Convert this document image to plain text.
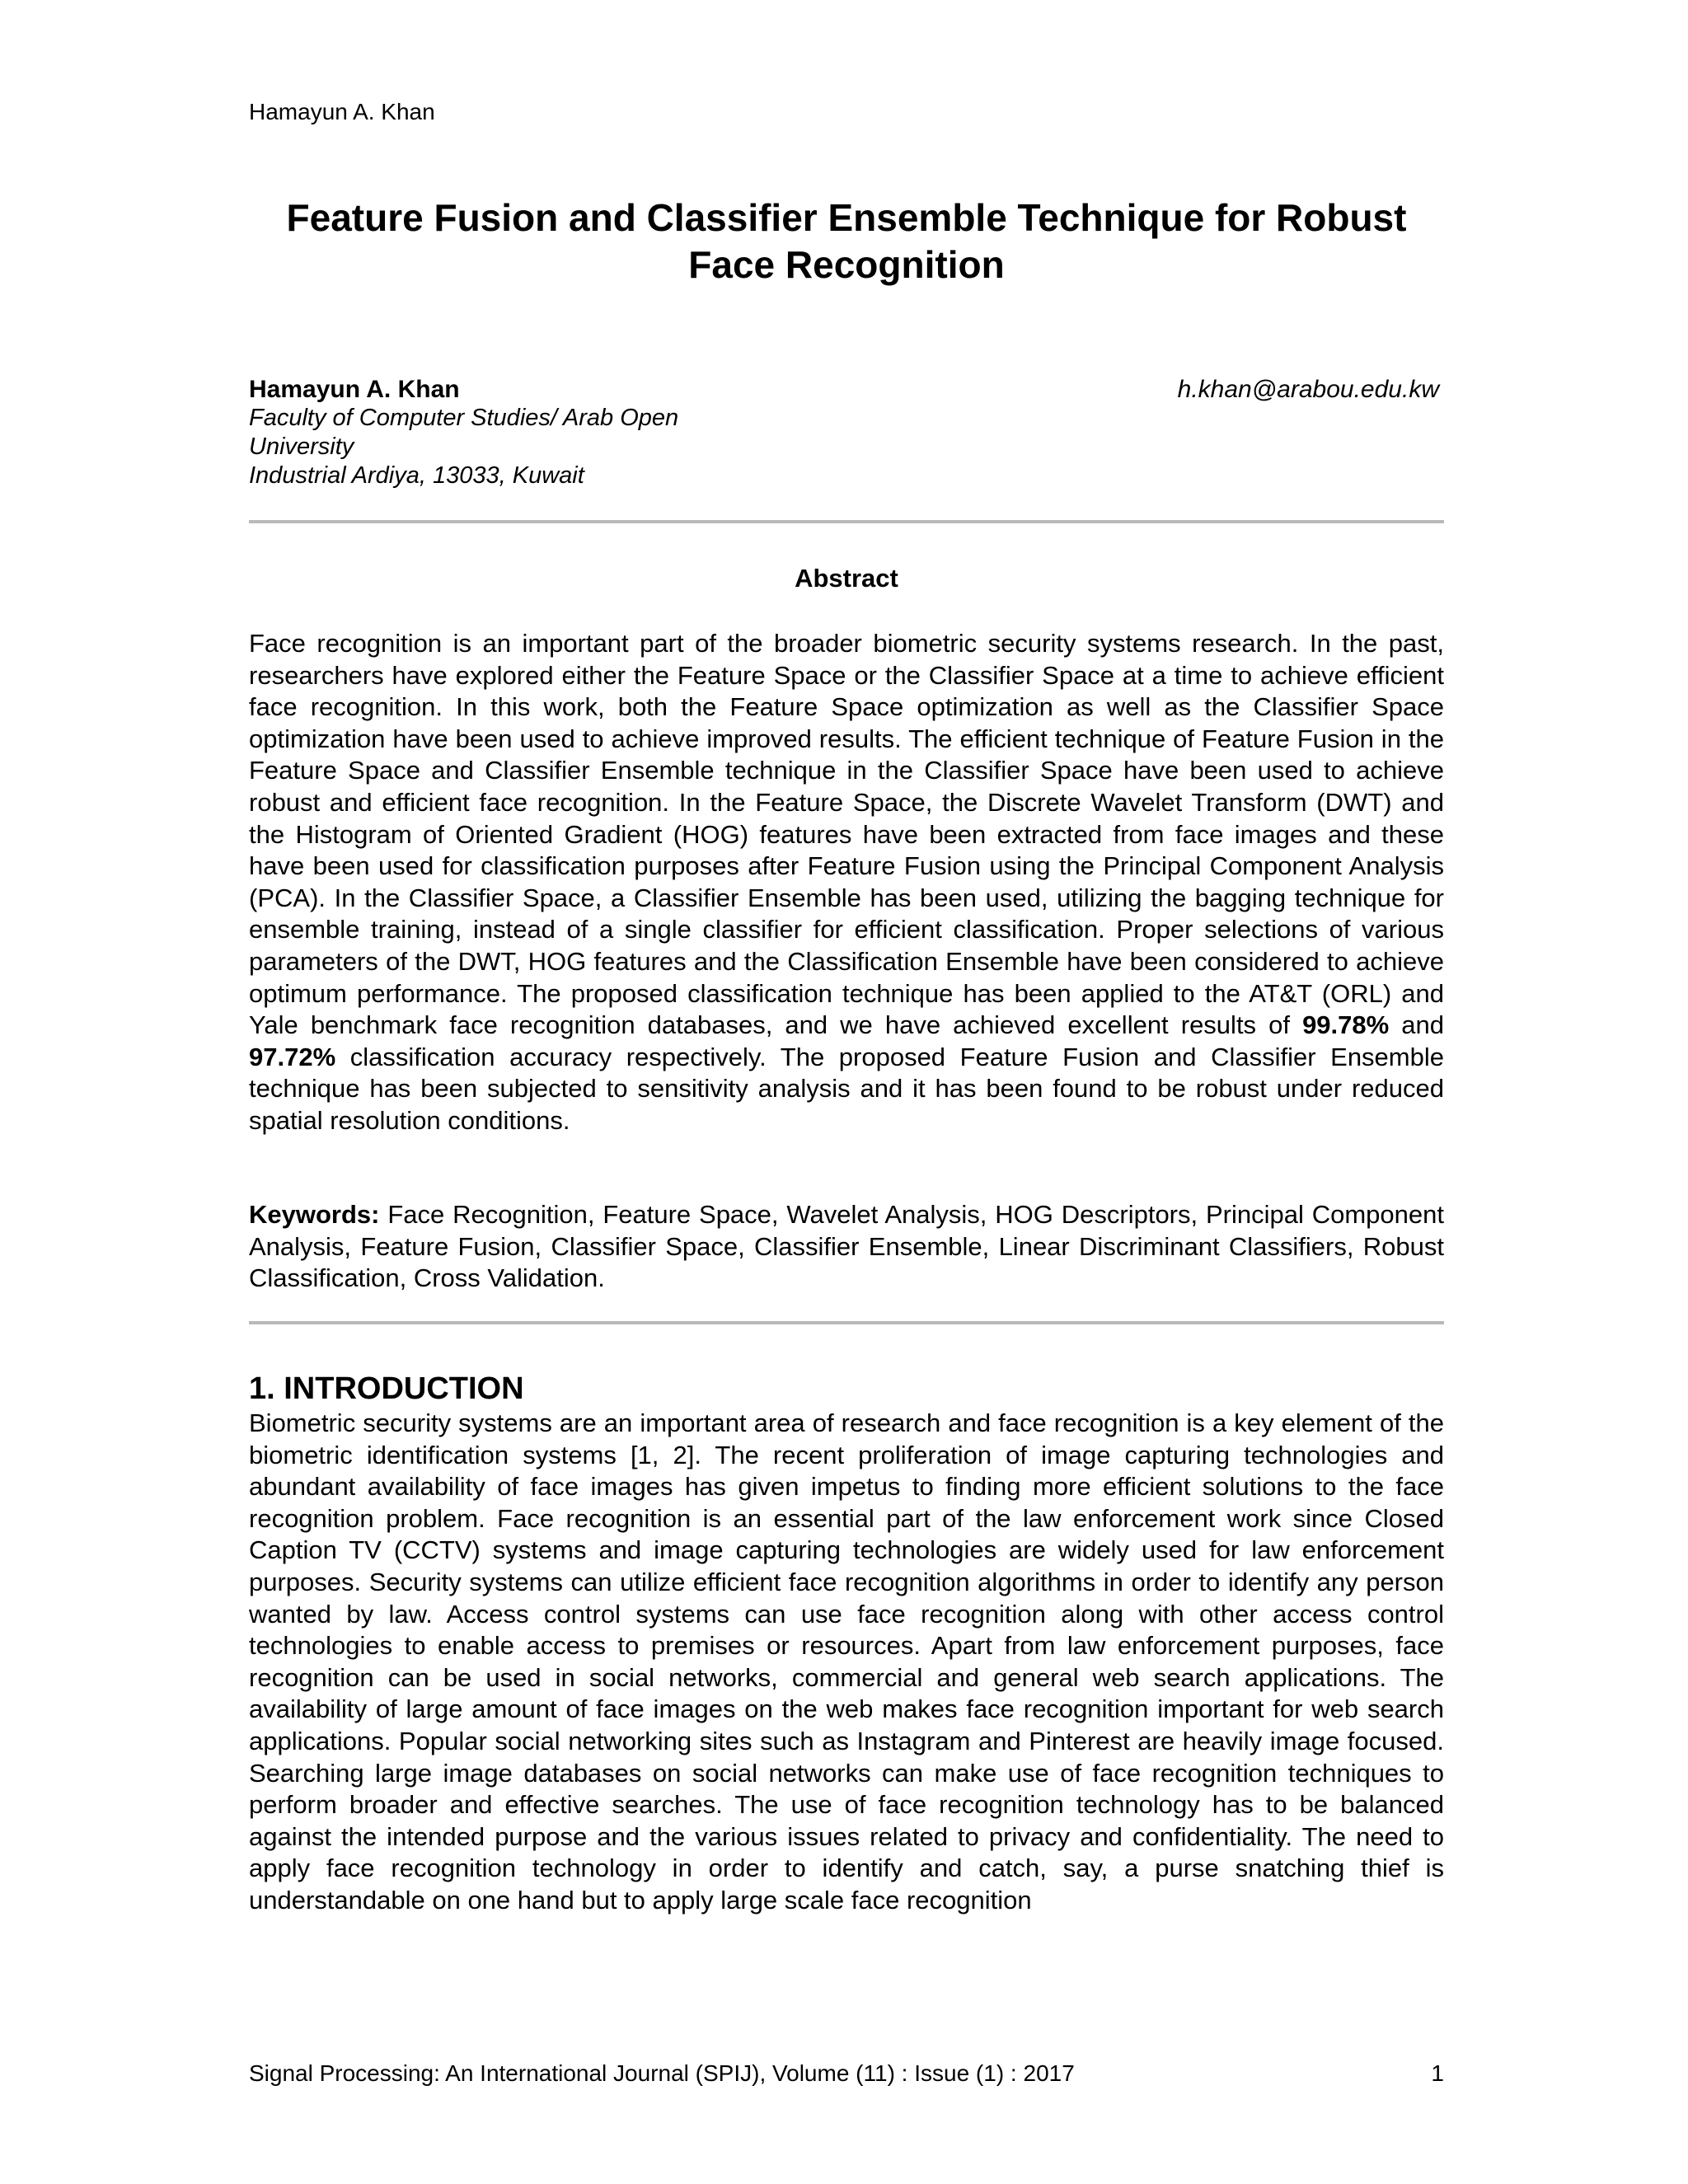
Hamayun A. Khan
Feature Fusion and Classifier Ensemble Technique for Robust
Face Recognition
Hamayun A. Khan	h.khan@arabou.edu.kw
Faculty of Computer Studies/ Arab Open
University
Industrial Ardiya, 13033, Kuwait
Abstract

Face recognition is an important part of the broader biometric security systems research. In the past, researchers have explored either the Feature Space or the Classifier Space at a time to achieve efficient face recognition. In this work, both the Feature Space optimization as well as the Classifier Space optimization have been used to achieve improved results. The efficient technique of Feature Fusion in the Feature Space and Classifier Ensemble technique in the Classifier Space have been used to achieve robust and efficient face recognition. In the Feature Space, the Discrete Wavelet Transform (DWT) and the Histogram of Oriented Gradient (HOG) features have been extracted from face images and these have been used for classification purposes after Feature Fusion using the Principal Component Analysis (PCA). In the Classifier Space, a Classifier Ensemble has been used, utilizing the bagging technique for ensemble training, instead of a single classifier for efficient classification. Proper selections of various parameters of the DWT, HOG features and the Classification Ensemble have been considered to achieve optimum performance. The proposed classification technique has been applied to the AT&T (ORL) and Yale benchmark face recognition databases, and we have achieved excellent results of 99.78% and 97.72% classification accuracy respectively. The proposed Feature Fusion and Classifier Ensemble technique has been subjected to sensitivity analysis and it has been found to be robust under reduced spatial resolution conditions.

Keywords: Face Recognition, Feature Space, Wavelet Analysis, HOG Descriptors, Principal Component Analysis, Feature Fusion, Classifier Space, Classifier Ensemble, Linear Discriminant Classifiers, Robust Classification, Cross Validation.

1. INTRODUCTION

Biometric security systems are an important area of research and face recognition is a key element of the biometric identification systems [1, 2]. The recent proliferation of image capturing technologies and abundant availability of face images has given impetus to finding more efficient solutions to the face recognition problem. Face recognition is an essential part of the law enforcement work since Closed Caption TV (CCTV) systems and image capturing technologies are widely used for law enforcement purposes. Security systems can utilize efficient face recognition algorithms in order to identify any person wanted by law. Access control systems can use face recognition along with other access control technologies to enable access to premises or resources. Apart from law enforcement purposes, face recognition can be used in social networks, commercial and general web search applications. The availability of large amount of face images on the web makes face recognition important for web search applications. Popular social networking sites such as Instagram and Pinterest are heavily image focused. Searching large image databases on social networks can make use of face recognition techniques to perform broader and effective searches. The use of face recognition technology has to be balanced against the intended purpose and the various issues related to privacy and confidentiality. The need to apply face recognition technology in order to identify and catch, say, a purse snatching thief is understandable on one hand but to apply large scale face recognition

Signal Processing: An International Journal (SPIJ), Volume (11) : Issue (1) : 2017	1
